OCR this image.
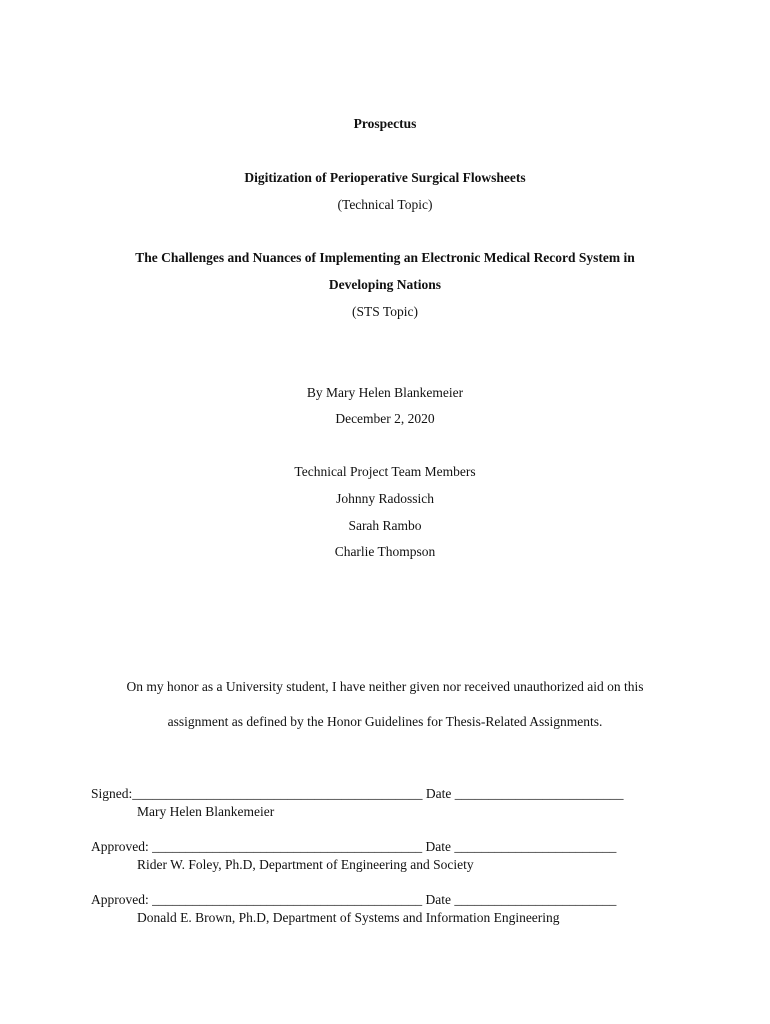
Prospectus
Digitization of Perioperative Surgical Flowsheets
(Technical Topic)
The Challenges and Nuances of Implementing an Electronic Medical Record System in
Developing Nations
(STS Topic)
By Mary Helen Blankemeier
December 2, 2020
Technical Project Team Members
Johnny Radossich
Sarah Rambo
Charlie Thompson
On my honor as a University student, I have neither given nor received unauthorized aid on this
assignment as defined by the Honor Guidelines for Thesis-Related Assignments.
Signed:___________________________________________ Date _________________________
Mary Helen Blankemeier
Approved: ________________________________________ Date ________________________
Rider W. Foley, Ph.D, Department of Engineering and Society
Approved: ________________________________________ Date ________________________
Donald E. Brown, Ph.D, Department of Systems and Information Engineering
